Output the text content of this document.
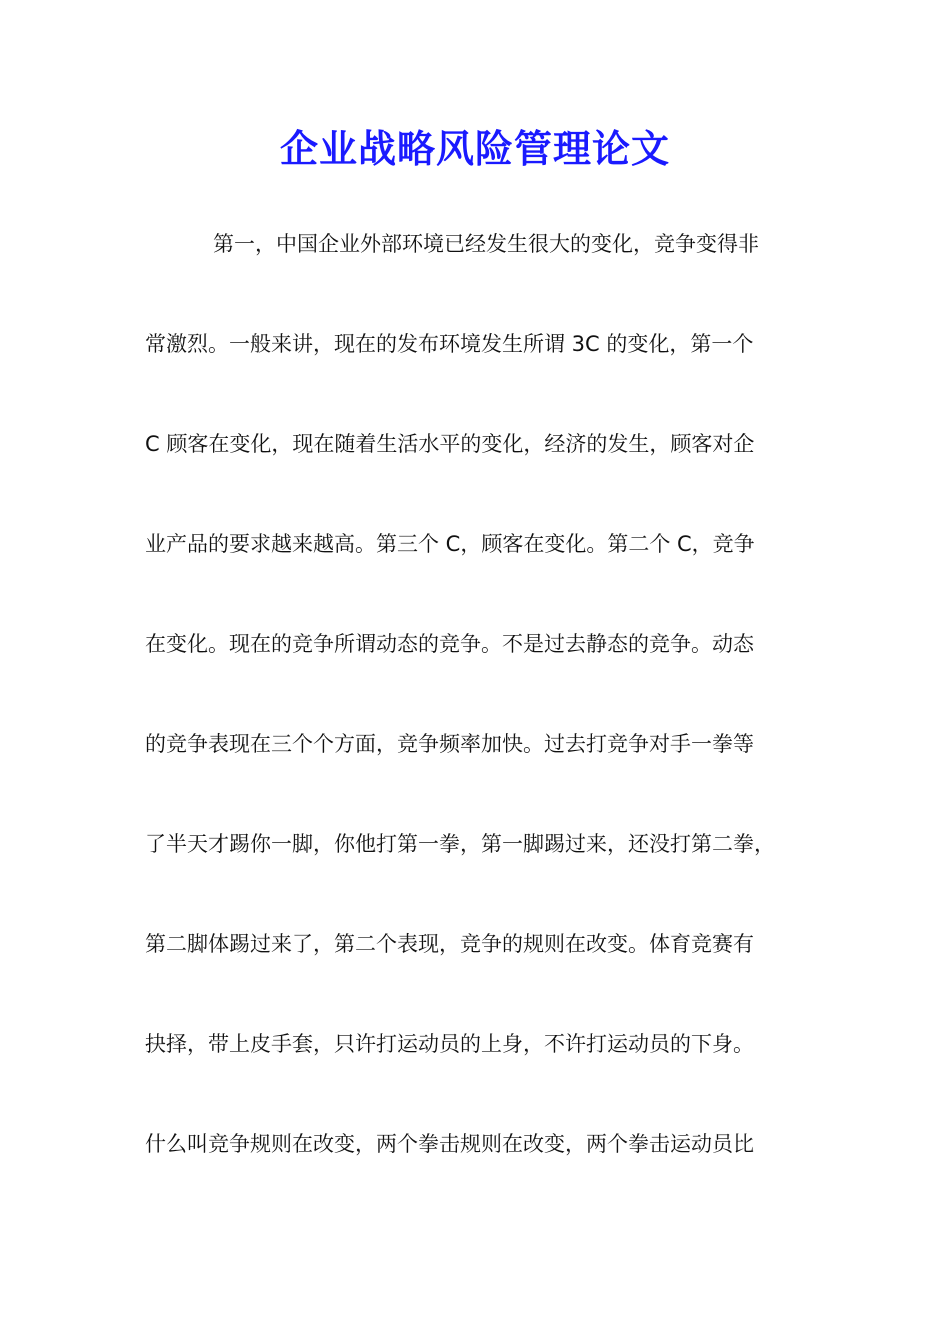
企业战略风险管理论文
第一，中国企业外部环境已经发生很大的变化，竞争变得非
常激烈。一般来讲，现在的发布环境发生所谓 3C 的变化，第一个
C 顾客在变化，现在随着生活水平的变化，经济的发生，顾客对企
业产品的要求越来越高。第三个 C，顾客在变化。第二个 C，竞争
在变化。现在的竞争所谓动态的竞争。不是过去静态的竞争。动态
的竞争表现在三个个方面，竞争频率加快。过去打竞争对手一拳等
了半天才踢你一脚，你他打第一拳，第一脚踢过来，还没打第二拳，
第二脚体踢过来了，第二个表现，竞争的规则在改变。体育竞赛有
抉择，带上皮手套，只许打运动员的上身，不许打运动员的下身。
什么叫竞争规则在改变，两个拳击规则在改变，两个拳击运动员比
